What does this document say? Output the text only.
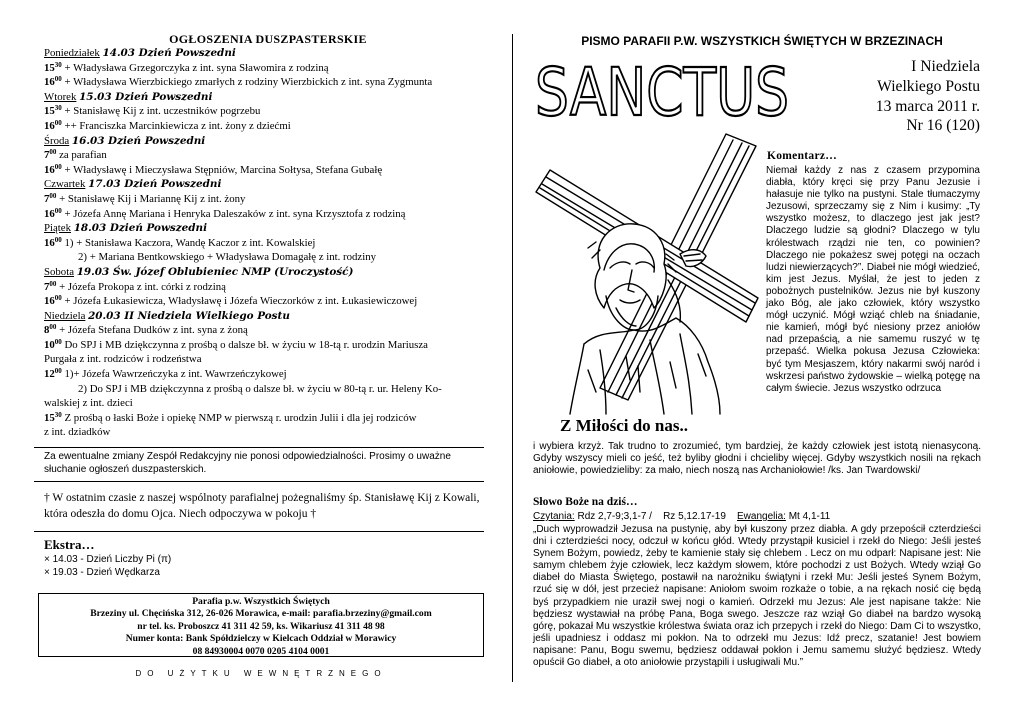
OGŁOSZENIA DUSZPASTERSKIE
Poniedziałek 14.03 Dzień Powszedni
$15^{30}$ + Władysława Grzegorczyka z int. syna Sławomira z rodziną
$16^{00}$ + Władysława Wierzbickiego zmarłych z rodziny Wierzbickich z int. syna Zygmunta
Wtorek 15.03 Dzień Powszedni
$15^{30}$ + Stanisławę Kij z int. uczestników pogrzebu
$16^{00}$ ++ Franciszka Marcinkiewicza z int. żony z dziećmi
Środa 16.03 Dzień Powszedni
$7^{00}$ za parafian
$16^{00}$ + Władysławę i Mieczysława Stępniów, Marcina Sołtysa, Stefana Gubałę
Czwartek 17.03 Dzień Powszedni
$7^{00}$ + Stanisławę Kij i Mariannę Kij z int. żony
$16^{00}$ + Józefa Annę Mariana i Henryka Daleszaków z int. syna Krzysztofa z rodziną
Piątek 18.03 Dzień Powszedni
$16^{00}$ 1) + Stanisława Kaczora, Wandę Kaczor z int. Kowalskiej
2) + Mariana Bentkowskiego + Władysława Domagałę z int. rodziny
Sobota 19.03 Św. Józef Oblubieniec NMP (Uroczystość)
$7^{00}$ + Józefa Prokopa z int. córki z rodziną
$16^{00}$ + Józefa Łukasiewicza, Władysławę i Józefa Wieczorków z int. Łukasiewiczowej
Niedziela 20.03 II Niedziela Wielkiego Postu
$8^{00}$ + Józefa Stefana Dudków z int. syna z żoną
$10^{00}$ Do SPJ i MB dziękczynna z prośbą o dalsze bł. w życiu w 18-tą r. urodzin Mariusza
Purgała z int. rodziców i rodzeństwa
$12^{00}$ 1)+ Józefa Wawrzeńczyka z int. Wawrzeńczykowej
2) Do SPJ i MB dziękczynna z prośbą o dalsze bł. w życiu w 80-tą r. ur. Heleny Ko-
walskiej z int. dzieci
$15^{30}$ Z prośbą o łaski Boże i opiekę NMP w pierwszą r. urodzin Julii i dla jej rodziców
z int. dziadków
Za ewentualne zmiany Zespół Redakcyjny nie ponosi odpowiedzialności. Prosimy o uważne słuchanie ogłoszeń duszpasterskich.
† W ostatnim czasie z naszej wspólnoty parafialnej pożegnaliśmy śp. Stanisławę Kij z Kowali, która odeszła do domu Ojca. Niech odpoczywa w pokoju †
Ekstra…
× 14.03 - Dzień Liczby Pi (π)
× 19.03 - Dzień Wędkarza
Parafia p.w. Wszystkich Świętych
Brzeziny ul. Chęcińska 312, 26-026 Morawica, e-mail: parafia.brzeziny@gmail.com
nr tel. ks. Proboszcz 41 311 42 59, ks. Wikariusz 41 311 48 98
Numer konta: Bank Spółdzielczy w Kielcach Oddział w Morawicy
08 84930004 0070 0205 4104 0001
DO UŻYTKU WEWNĘTRZNEGO
PISMO PARAFII P.W. WSZYSTKICH ŚWIĘTYCH W BRZEZINACH
SANCTUS	I Niedziela
Wielkiego Postu
13 marca 2011 r.
Nr 16 (120)
Komentarz…
Niemał każdy z nas z czasem przypomina diabła, który kręci się przy Panu Jezusie i hałasuje nie tylko na pustyni. Stale tłumaczymy Jezusowi, sprzeczamy się z Nim i kusimy: „Ty wszystko możesz, to dlaczego jest jak jest? Dlaczego ludzie są głodni? Dlaczego w tylu królestwach rządzi nie ten, co powinien? Dlaczego nie pokażesz swej potęgi na oczach ludzi niewierzących?”. Diabeł nie mógł wiedzieć, kim jest Jezus. Myślał, że jest to jeden z pobożnych pustelników. Jezus nie był kuszony jako Bóg, ale jako człowiek, który wszystko mógł uczynić. Mógł wziąć chleb na śniadanie, nie kamień, mógł być niesiony przez aniołów nad przepaścią, a nie samemu ruszyć w tę przepaść. Wielka pokusa Jezusa Człowieka: być tym Mesjaszem, który nakarmi swój naród i wskrzesi państwo żydowskie – wielką potęgę na całym świecie. Jezus wszystko odrzuca
Z Miłości do nas..
i wybiera krzyż. Tak trudno to zrozumieć, tym bardziej, że każdy człowiek jest istotą nienasyconą. Gdyby wszyscy mieli co jeść, też byliby głodni i chcieliby więcej. Gdyby wszystkich nosili na rękach aniołowie, powiedzieliby: za mało, niech noszą nas Archaniołowie! /ks. Jan Twardowski/
Słowo Boże na dziś…
Czytania: Rdz 2,7-9;3,1-7 /    Rz 5,12.17-19 Ewangelia: Mt 4,1-11
„Duch wyprowadził Jezusa na pustynię, aby był kuszony przez diabła. A gdy przepościł czterdzieści dni i czterdzieści nocy, odczuł w końcu głód. Wtedy przystąpił kusiciel i rzekł do Niego: Jeśli jesteś Synem Bożym, powiedz, żeby te kamienie stały się chlebem . Lecz on mu odparł: Napisane jest: Nie samym chlebem żyje człowiek, lecz każdym słowem, które pochodzi z ust Bożych. Wtedy wziął Go diabeł do Miasta Świętego, postawił na narożniku świątyni i rzekł Mu: Jeśli jesteś Synem Bożym, rzuć się w dół, jest przecież napisane: Aniołom swoim rozkaże o tobie, a na rękach nosić cię będą byś przypadkiem nie uraził swej nogi o kamień. Odrzekł mu Jezus: Ale jest napisane także: Nie będziesz wystawiał na próbę Pana, Boga swego. Jeszcze raz wziął Go diabeł na bardzo wysoką górę, pokazał Mu wszystkie królestwa świata oraz ich przepych i rzekł do Niego: Dam Ci to wszystko, jeśli upadniesz i oddasz mi pokłon. Na to odrzekł mu Jezus: Idź precz, szatanie! Jest bowiem napisane: Panu, Bogu swemu, będziesz oddawał pokłon i Jemu samemu służyć będziesz. Wtedy opuścił Go diabeł, a oto aniołowie przystąpili i usługiwali Mu.”
